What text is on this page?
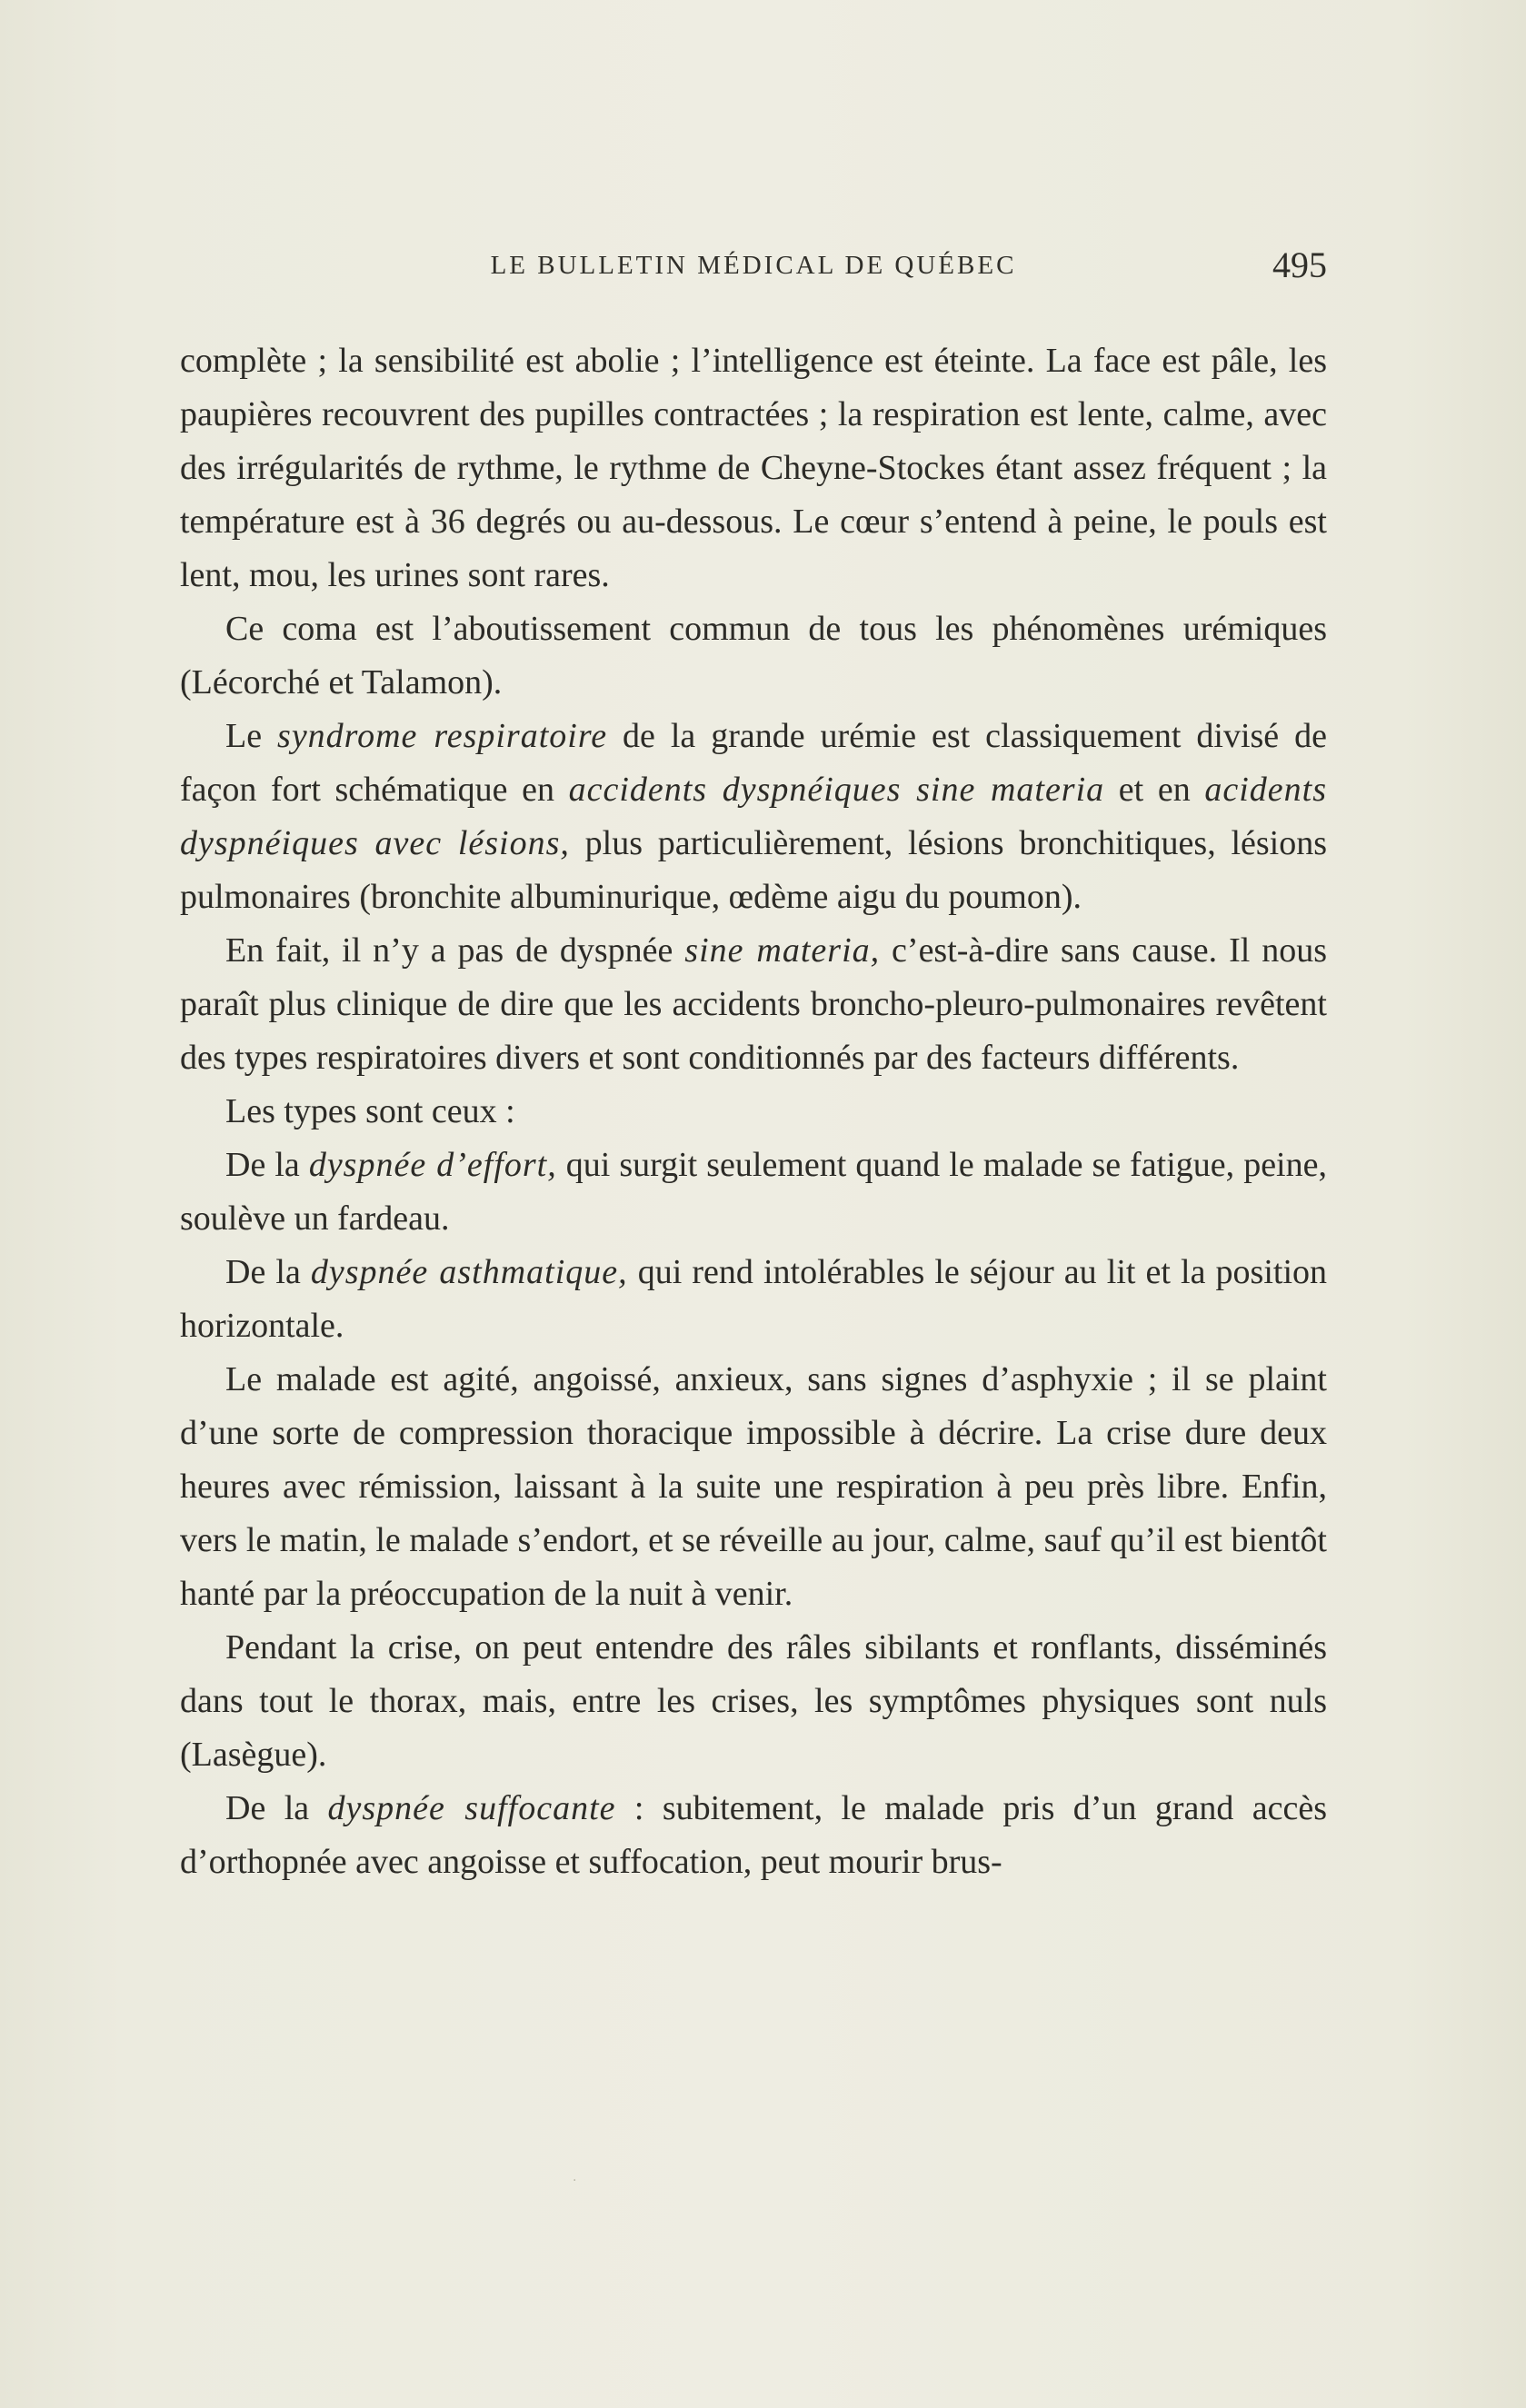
LE BULLETIN MÉDICAL DE QUÉBEC	495

complète ; la sensibilité est abolie ; l’intelligence est éteinte. La face est pâle, les paupières recouvrent des pupilles contractées ; la respiration est lente, calme, avec des irrégularités de rythme, le rythme de Cheyne-Stockes étant assez fréquent ; la température est à 36 degrés ou au-dessous. Le cœur s’entend à peine, le pouls est lent, mou, les urines sont rares.

Ce coma est l’aboutissement commun de tous les phénomènes urémiques (Lécorché et Talamon).

Le syndrome respiratoire de la grande urémie est classiquement divisé de façon fort schématique en accidents dyspnéiques sine materia et en acidents dyspnéiques avec lésions, plus particulièrement, lésions bronchitiques, lésions pulmonaires (bronchite albuminurique, œdème aigu du poumon).

En fait, il n’y a pas de dyspnée sine materia, c’est-à-dire sans cause. Il nous paraît plus clinique de dire que les accidents broncho-pleuro-pulmonaires revêtent des types respiratoires divers et sont conditionnés par des facteurs différents.

Les types sont ceux :

De la dyspnée d’effort, qui surgit seulement quand le malade se fatigue, peine, soulève un fardeau.

De la dyspnée asthmatique, qui rend intolérables le séjour au lit et la position horizontale.

Le malade est agité, angoissé, anxieux, sans signes d’asphyxie ; il se plaint d’une sorte de compression thoracique impossible à décrire. La crise dure deux heures avec rémission, laissant à la suite une respiration à peu près libre. Enfin, vers le matin, le malade s’endort, et se réveille au jour, calme, sauf qu’il est bientôt hanté par la préoccupation de la nuit à venir.

Pendant la crise, on peut entendre des râles sibilants et ronflants, disséminés dans tout le thorax, mais, entre les crises, les symptômes physiques sont nuls (Lasègue).

De la dyspnée suffocante : subitement, le malade pris d’un grand accès d’orthopnée avec angoisse et suffocation, peut mourir brus-

·
